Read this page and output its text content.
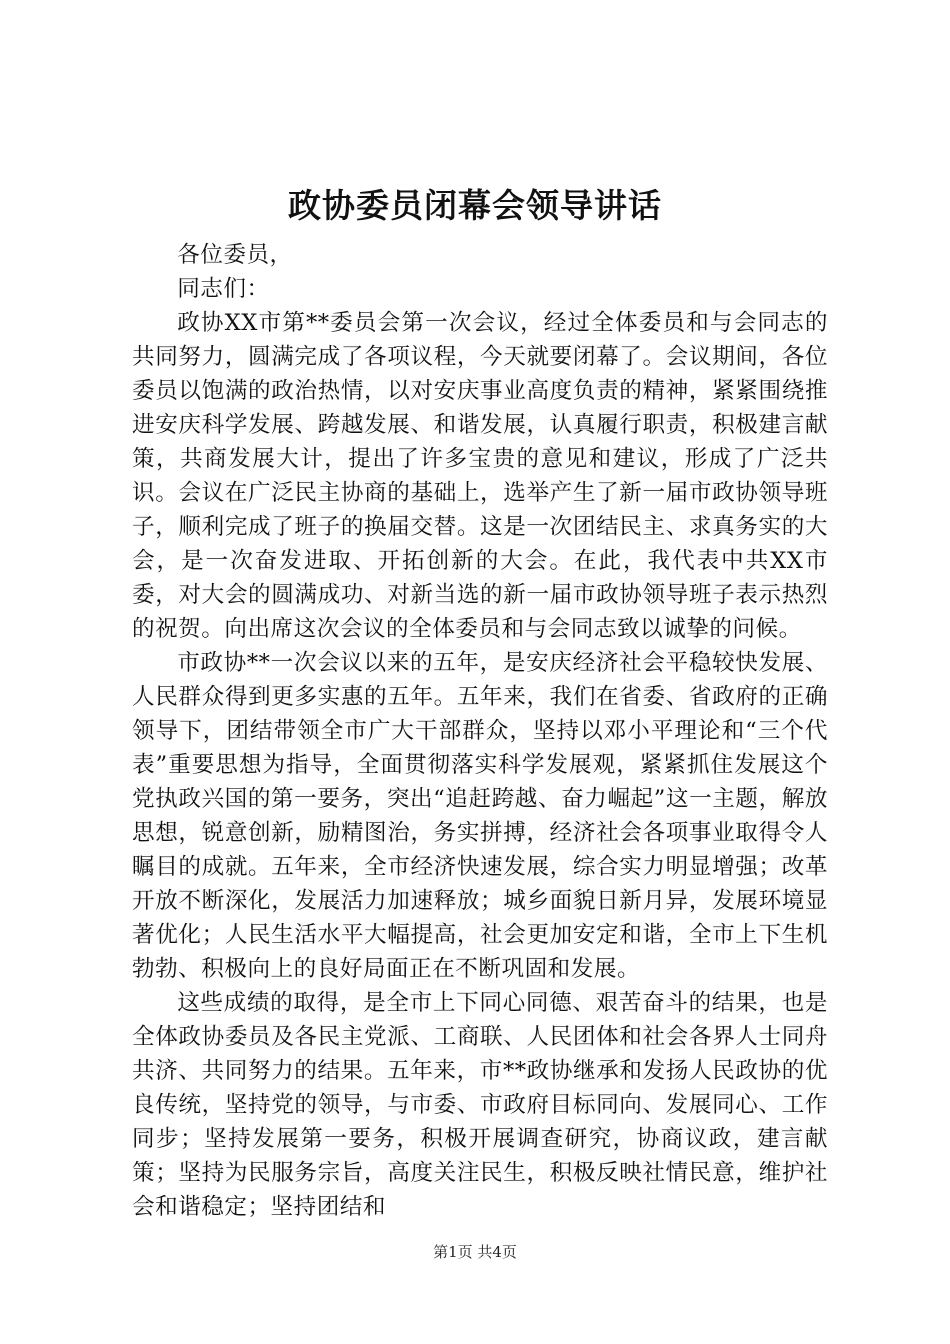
政协委员闭幕会领导讲话

各位委员，

同志们：

政协XX市第**委员会第一次会议，经过全体委员和与会同志的共同努力，圆满完成了各项议程，今天就要闭幕了。会议期间，各位委员以饱满的政治热情，以对安庆事业高度负责的精神，紧紧围绕推进安庆科学发展、跨越发展、和谐发展，认真履行职责，积极建言献策，共商发展大计，提出了许多宝贵的意见和建议，形成了广泛共识。会议在广泛民主协商的基础上，选举产生了新一届市政协领导班子，顺利完成了班子的换届交替。这是一次团结民主、求真务实的大会，是一次奋发进取、开拓创新的大会。在此，我代表中共XX市委，对大会的圆满成功、对新当选的新一届市政协领导班子表示热烈的祝贺。向出席这次会议的全体委员和与会同志致以诚挚的问候。

市政协**一次会议以来的五年，是安庆经济社会平稳较快发展、人民群众得到更多实惠的五年。五年来，我们在省委、省政府的正确领导下，团结带领全市广大干部群众，坚持以邓小平理论和“三个代表”重要思想为指导，全面贯彻落实科学发展观，紧紧抓住发展这个党执政兴国的第一要务，突出“追赶跨越、奋力崛起”这一主题，解放思想，锐意创新，励精图治，务实拼搏，经济社会各项事业取得令人瞩目的成就。五年来，全市经济快速发展，综合实力明显增强；改革开放不断深化，发展活力加速释放；城乡面貌日新月异，发展环境显著优化；人民生活水平大幅提高，社会更加安定和谐，全市上下生机勃勃、积极向上的良好局面正在不断巩固和发展。

这些成绩的取得，是全市上下同心同德、艰苦奋斗的结果，也是全体政协委员及各民主党派、工商联、人民团体和社会各界人士同舟共济、共同努力的结果。五年来，市**政协继承和发扬人民政协的优良传统，坚持党的领导，与市委、市政府目标同向、发展同心、工作同步；坚持发展第一要务，积极开展调查研究，协商议政，建言献策；坚持为民服务宗旨，高度关注民生，积极反映社情民意，维护社会和谐稳定；坚持团结和

第1页 共4页
